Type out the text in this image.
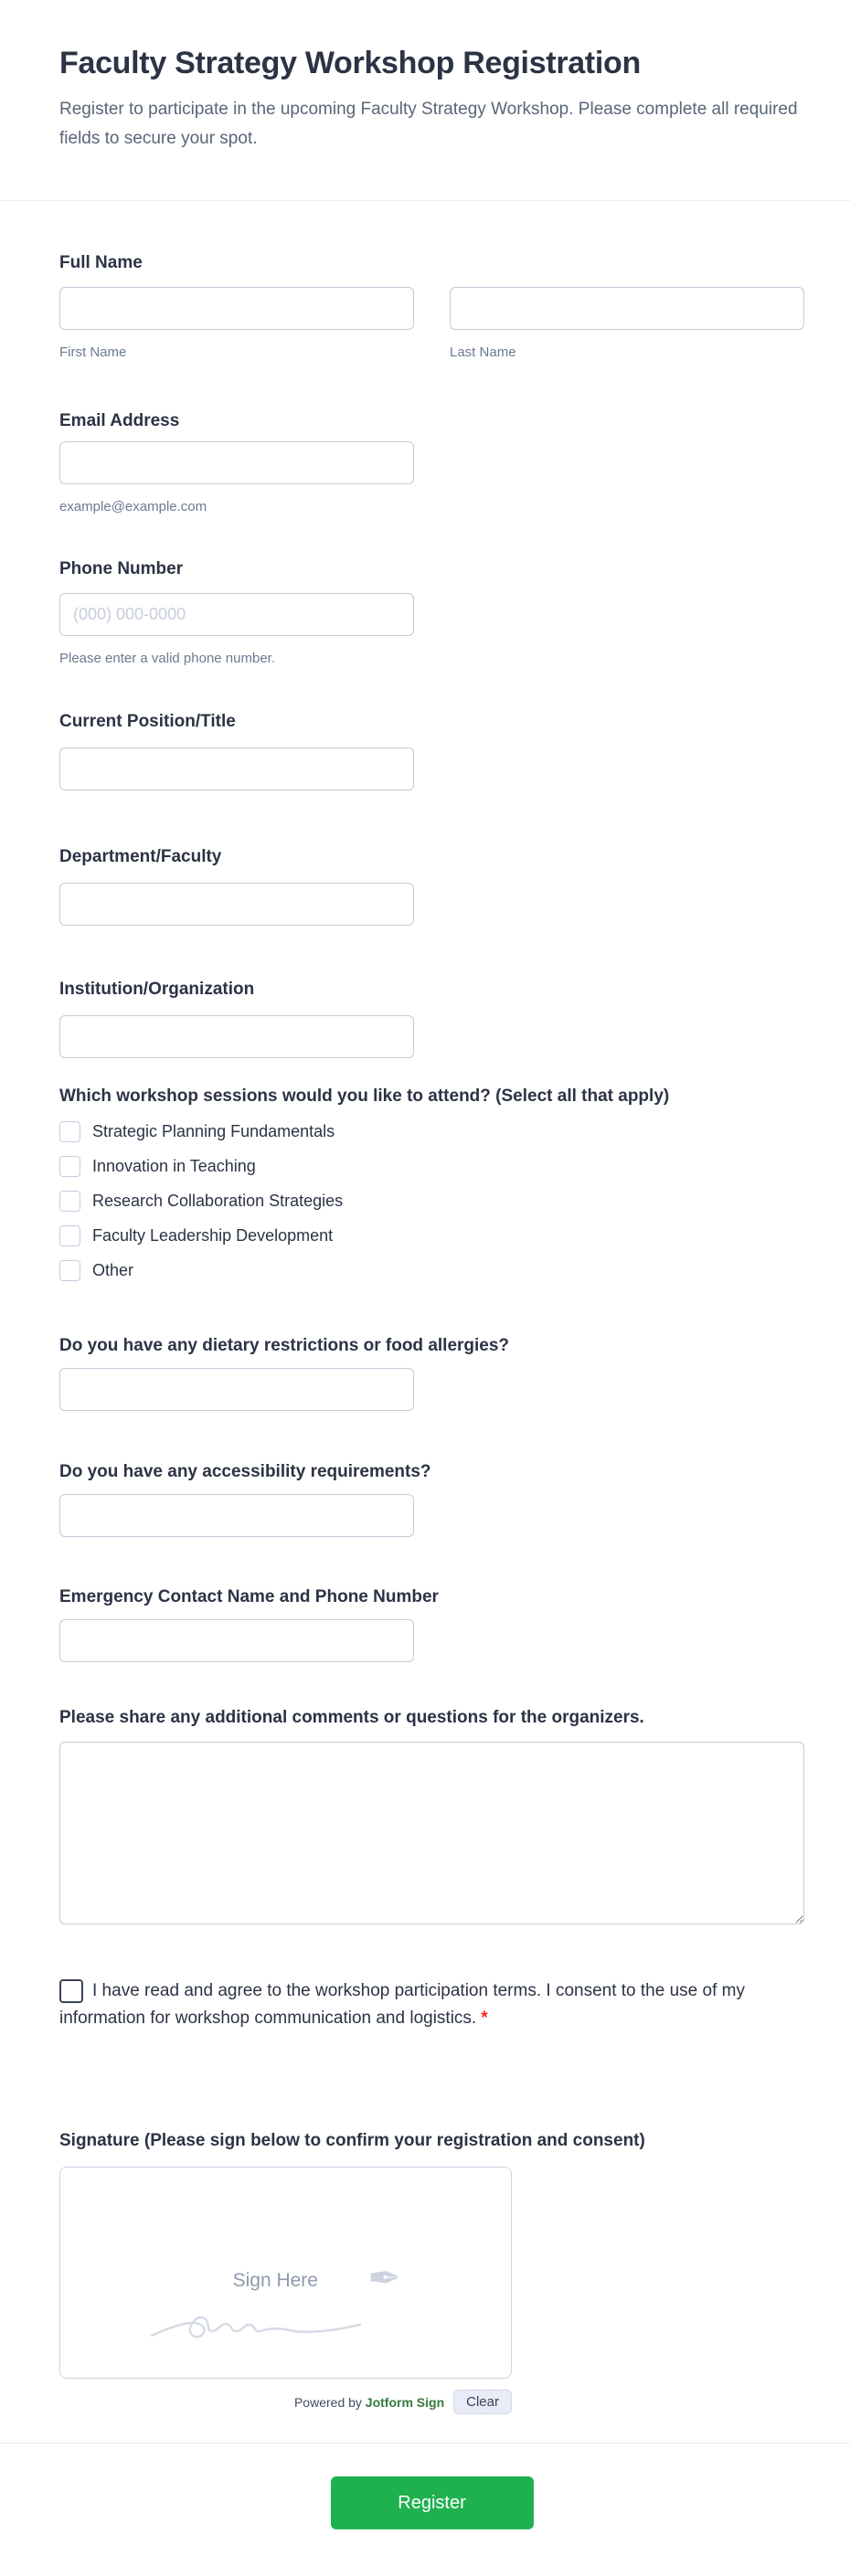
Faculty Strategy Workshop Registration

Register to participate in the upcoming Faculty Strategy Workshop. Please complete all required fields to secure your spot.

Full Name
First Name	Last Name
Email Address
example@example.com
Phone Number
(000) 000-0000
Please enter a valid phone number.
Current Position/Title
Department/Faculty
Institution/Organization
Which workshop sessions would you like to attend? (Select all that apply)
Strategic Planning Fundamentals
Innovation in Teaching
Research Collaboration Strategies
Faculty Leadership Development
Other
Do you have any dietary restrictions or food allergies?
Do you have any accessibility requirements?
Emergency Contact Name and Phone Number
Please share any additional comments or questions for the organizers.
I have read and agree to the workshop participation terms. I consent to the use of my information for workshop communication and logistics. *
Signature (Please sign below to confirm your registration and consent)
Sign Here ✒
Powered by Jotform Sign	Clear
Register
